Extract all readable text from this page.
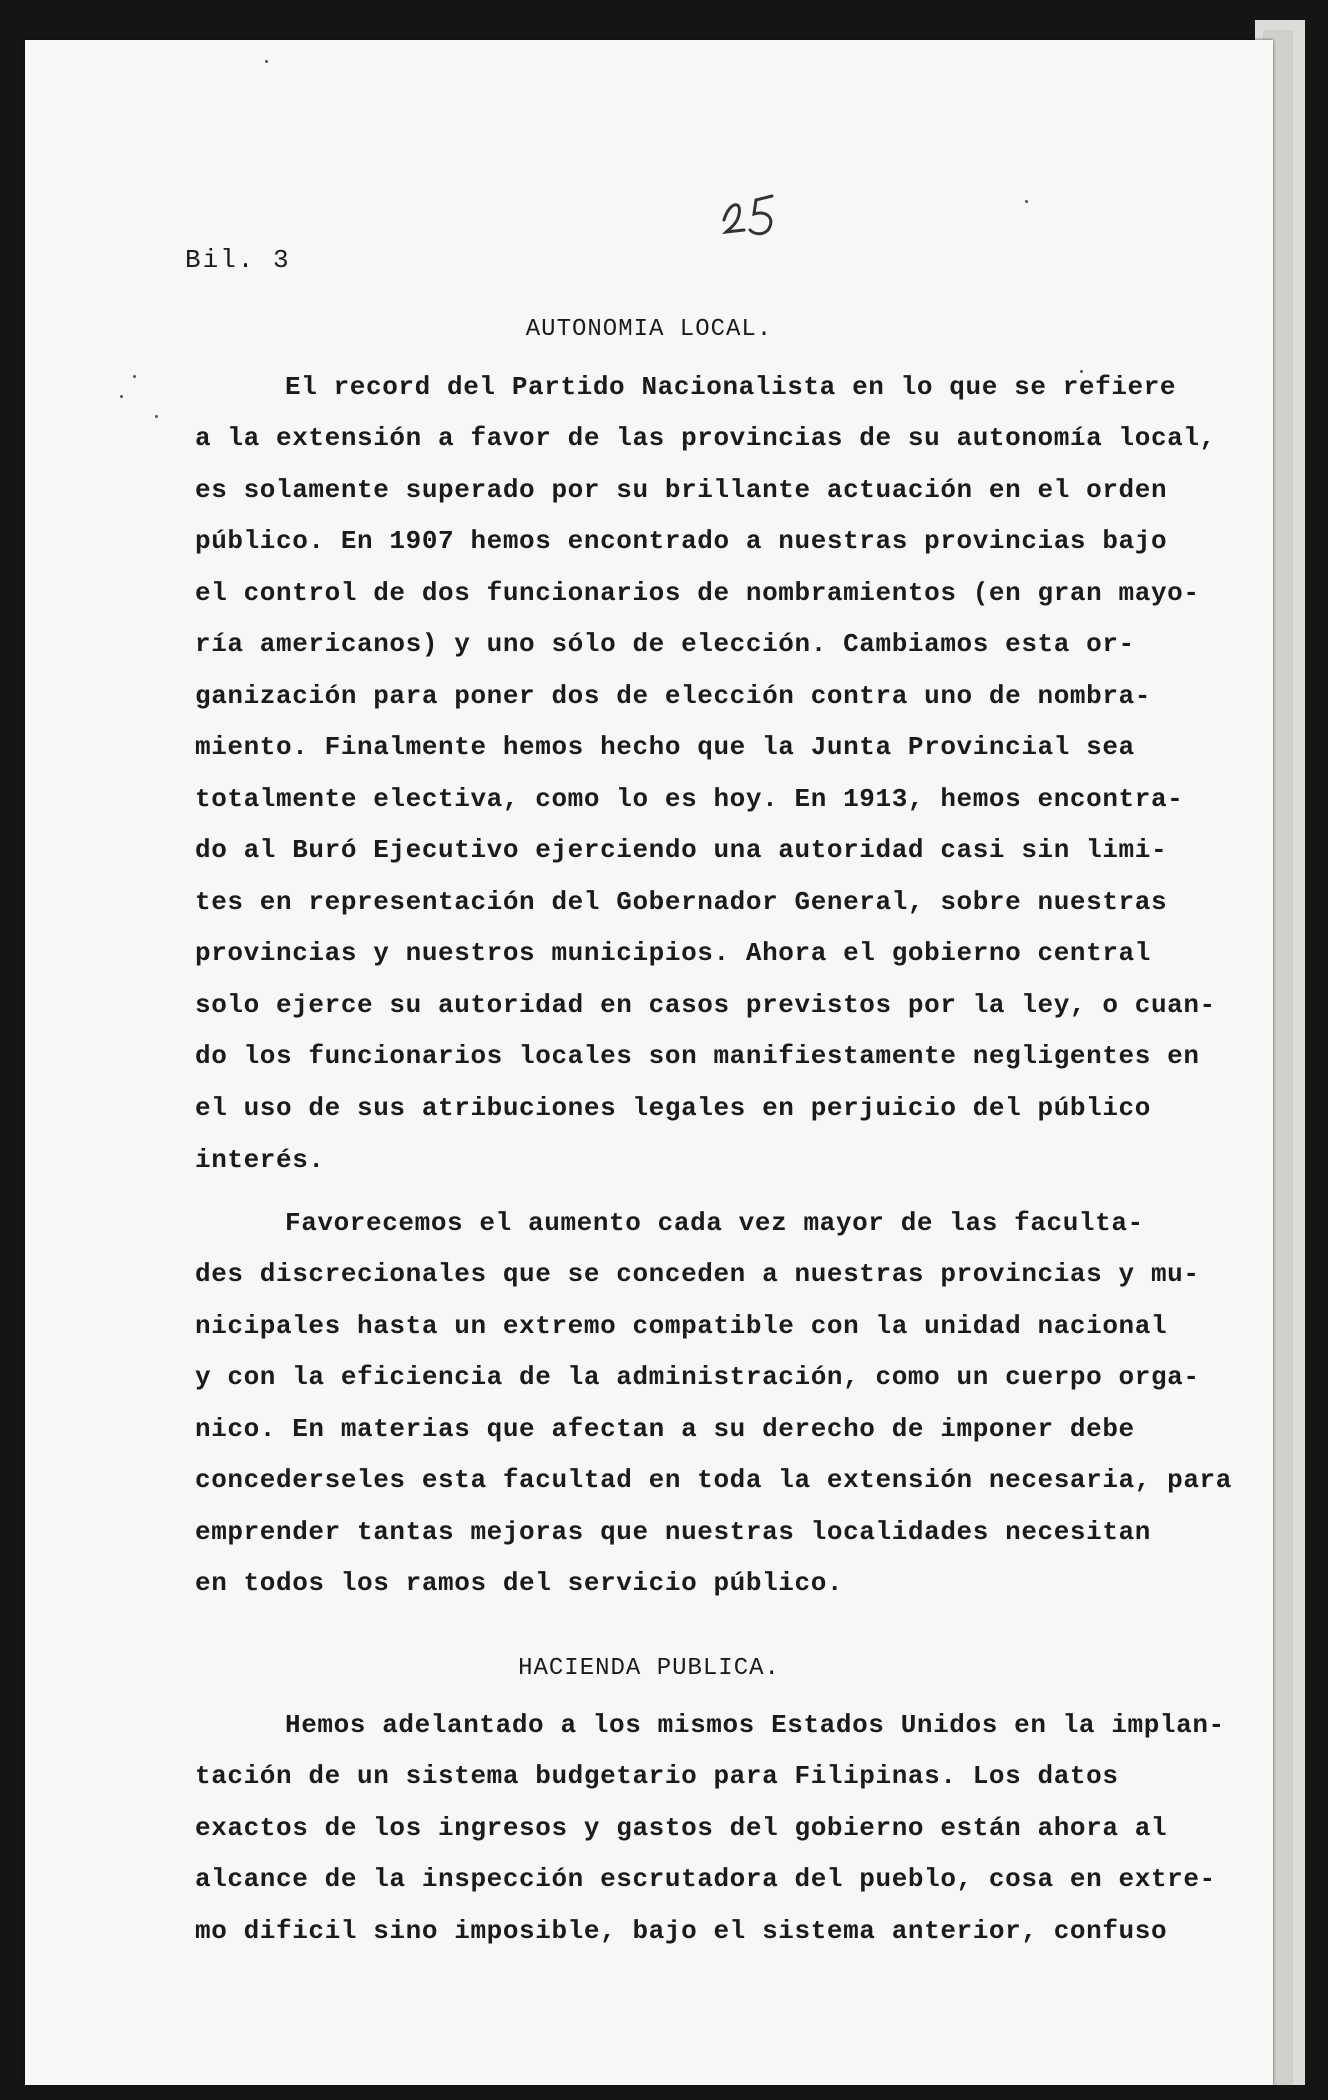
Bil. 3
AUTONOMIA LOCAL.
El record del Partido Nacionalista en lo que se refiere
a la extensión a favor de las provincias de su autonomía local,
es solamente superado por su brillante actuación en el orden
público. En 1907 hemos encontrado a nuestras provincias bajo
el control de dos funcionarios de nombramientos (en gran mayo-
ría americanos) y uno sólo de elección. Cambiamos esta or-
ganización para poner dos de elección contra uno de nombra-
miento. Finalmente hemos hecho que la Junta Provincial sea
totalmente electiva, como lo es hoy. En 1913, hemos encontra-
do al Buró Ejecutivo ejerciendo una autoridad casi sin limi-
tes en representación del Gobernador General, sobre nuestras
provincias y nuestros municipios. Ahora el gobierno central
solo ejerce su autoridad en casos previstos por la ley, o cuan-
do los funcionarios locales son manifiestamente negligentes en
el uso de sus atribuciones legales en perjuicio del público
interés.
Favorecemos el aumento cada vez mayor de las faculta-
des discrecionales que se conceden a nuestras provincias y mu-
nicipales hasta un extremo compatible con la unidad nacional
y con la eficiencia de la administración, como un cuerpo orga-
nico. En materias que afectan a su derecho de imponer debe
concederseles esta facultad en toda la extensión necesaria, para
emprender tantas mejoras que nuestras localidades necesitan
en todos los ramos del servicio público.
HACIENDA PUBLICA.
Hemos adelantado a los mismos Estados Unidos en la implan-
tación de un sistema budgetario para Filipinas. Los datos
exactos de los ingresos y gastos del gobierno están ahora al
alcance de la inspección escrutadora del pueblo, cosa en extre-
mo dificil sino imposible, bajo el sistema anterior, confuso
